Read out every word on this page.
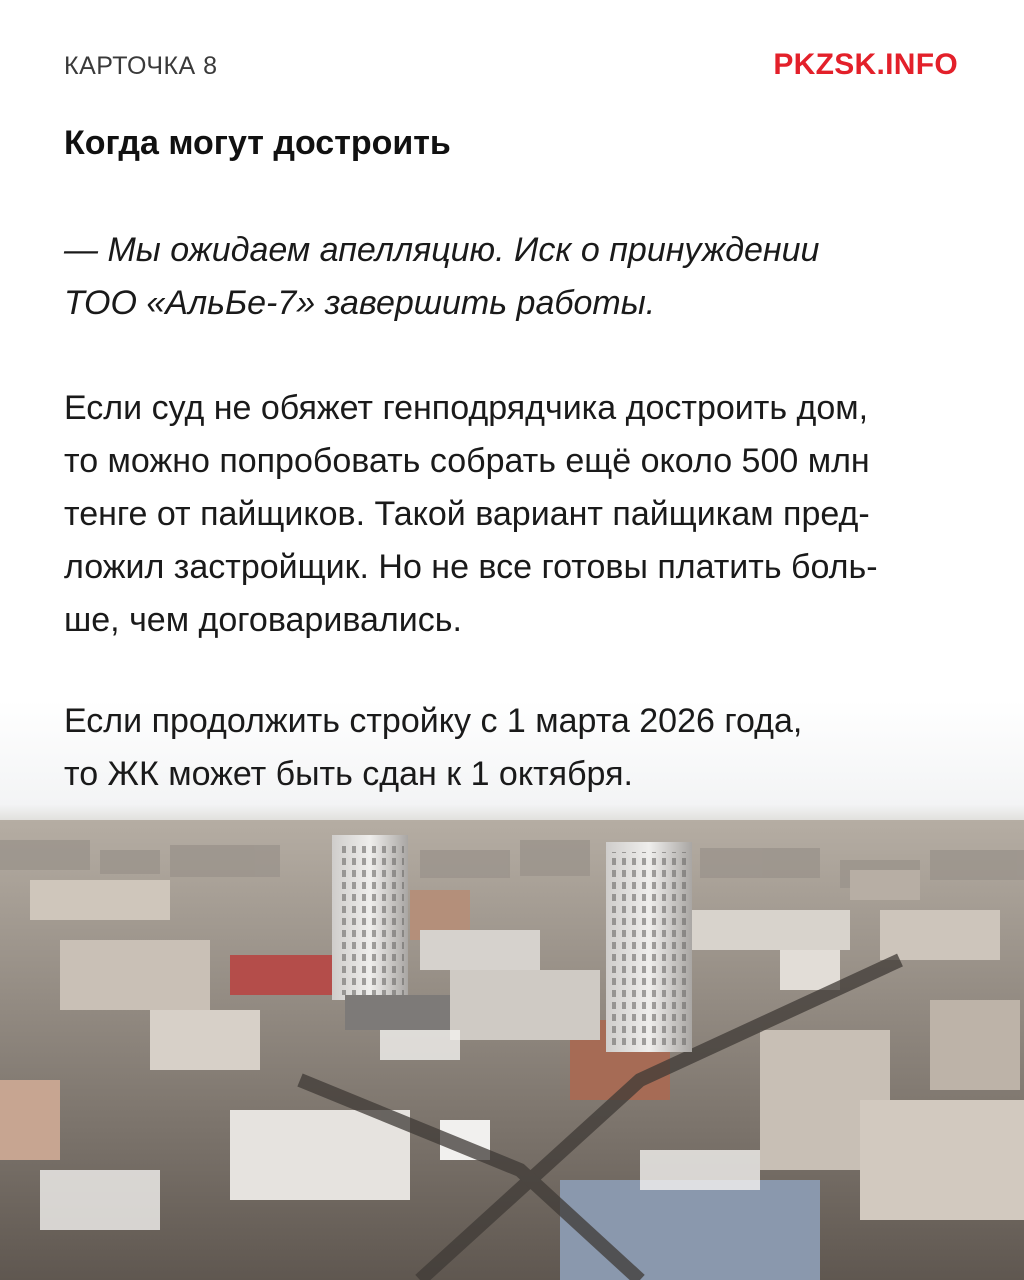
КАРТОЧКА 8	PKZSK.INFO
Когда могут достроить
— Мы ожидаем апелляцию. Иск о принуждении
ТОО «АльБе-7» завершить работы.
Если суд не обяжет генподрядчика достроить дом,
то можно попробовать собрать ещё около 500 млн
тенге от пайщиков. Такой вариант пайщикам пред-
ложил застройщик. Но не все готовы платить боль-
ше, чем договаривались.
Если продолжить стройку с 1 марта 2026 года,
то ЖК может быть сдан к 1 октября.
